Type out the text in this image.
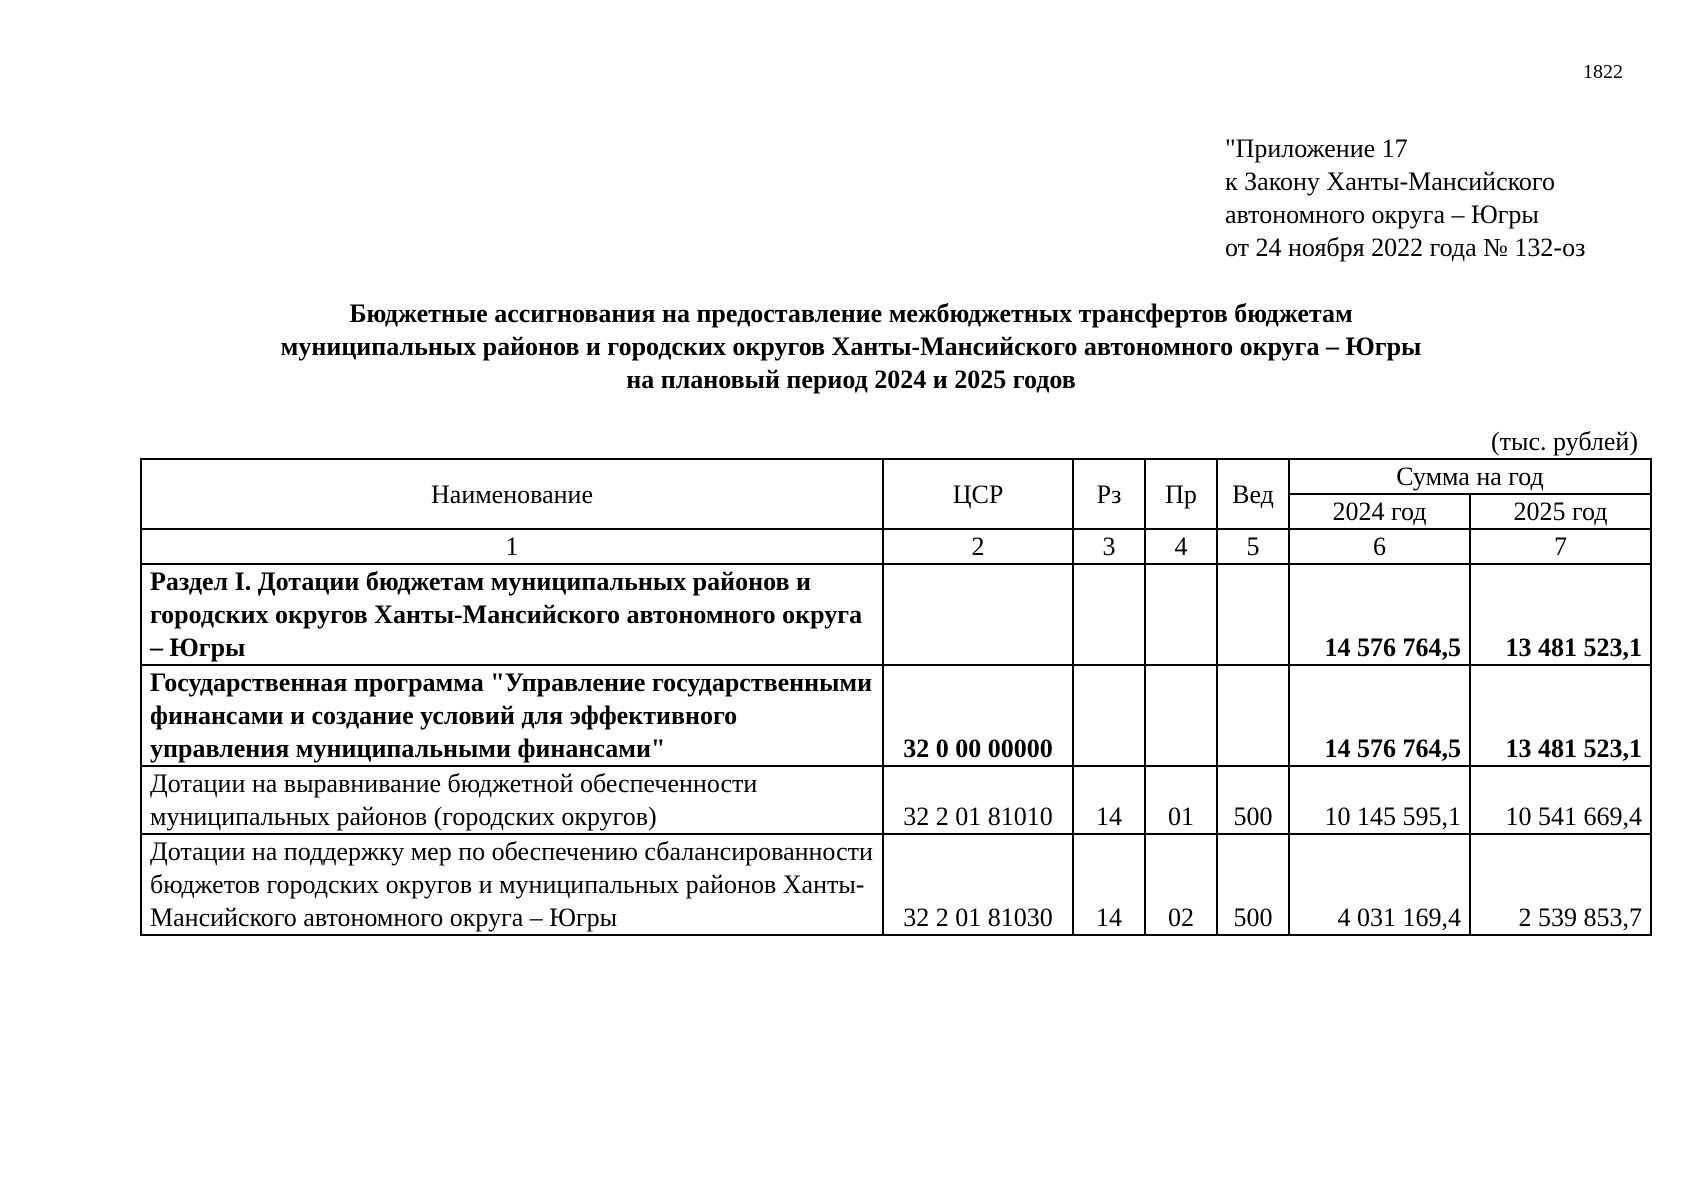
1822
"Приложение 17
к Закону Ханты-Мансийского
автономного округа – Югры
от 24 ноября 2022 года № 132-оз
Бюджетные ассигнования на предоставление межбюджетных трансфертов бюджетам
муниципальных районов и городских округов Ханты-Мансийского автономного округа – Югры
на плановый период 2024 и 2025 годов
(тыс. рублей)
Наименование	ЦСР	Рз	Пр	Вед	Сумма на год	
					2024 год	2025 год
1	2	3	4	5	6	7
Раздел I. Дотации бюджетам муниципальных районов и городских округов Ханты-Мансийского автономного округа – Югры					14 576 764,5	13 481 523,1
Государственная программа "Управление государственными финансами и создание условий для эффективного управления муниципальными финансами"	32 0 00 00000				14 576 764,5	13 481 523,1
Дотации на выравнивание бюджетной обеспеченности муниципальных районов (городских округов)	32 2 01 81010	14	01	500	10 145 595,1	10 541 669,4
Дотации на поддержку мер по обеспечению сбалансированности бюджетов городских округов и муниципальных районов Ханты-Мансийского автономного округа – Югры	32 2 01 81030	14	02	500	4 031 169,4	2 539 853,7
